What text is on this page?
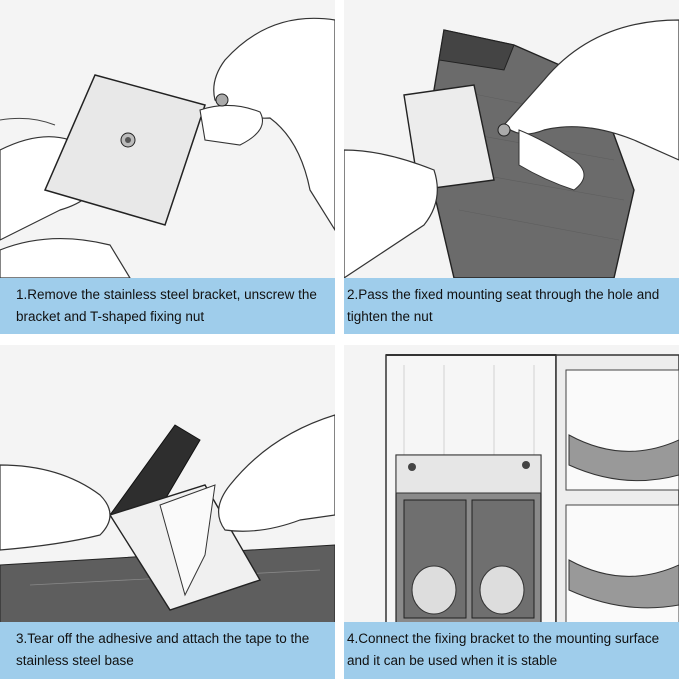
1.Remove the stainless steel bracket, unscrew the bracket and T-shaped fixing nut
2.Pass the fixed mounting seat through the hole and tighten the nut
3.Tear off the adhesive and attach the tape to the stainless steel base
4.Connect the fixing bracket to the mounting surface and it can be used when it is stable
